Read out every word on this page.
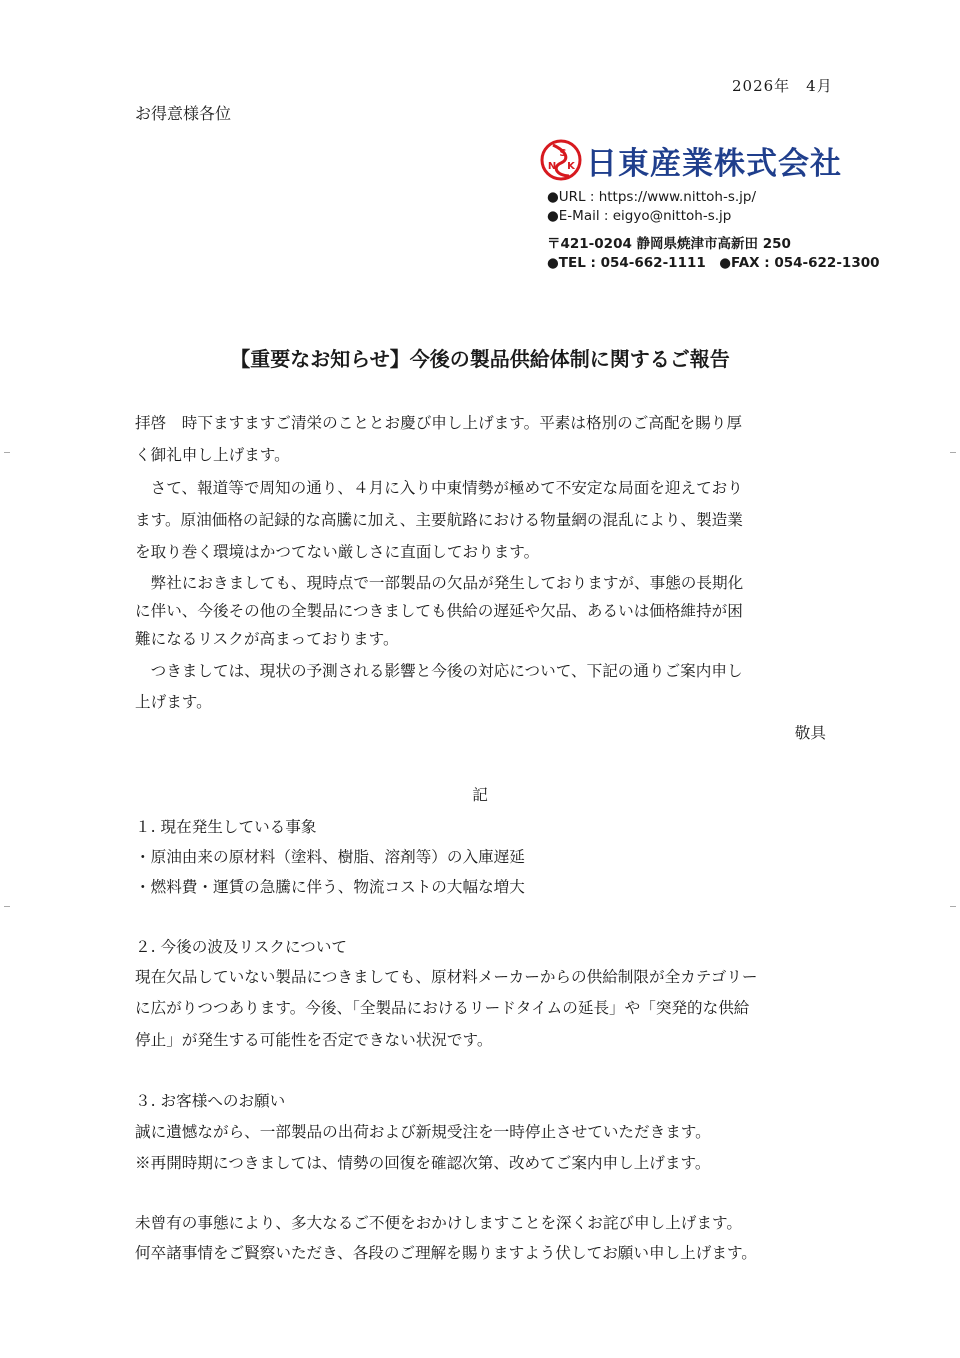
2026年　4月
お得意様各位
N
S
K 日東産業株式会社
●URL : https://www.nittoh-s.jp/
●E-Mail : eigyo@nittoh-s.jp
〒421-0204 静岡県焼津市高新田 250
●TEL : 054-662-1111　●FAX : 054-622-1300
【重要なお知らせ】今後の製品供給体制に関するご報告
拝啓　時下ますますご清栄のこととお慶び申し上げます。平素は格別のご高配を賜り厚
く御礼申し上げます。
　さて、報道等で周知の通り、４月に入り中東情勢が極めて不安定な局面を迎えており
ます。原油価格の記録的な高騰に加え、主要航路における物量網の混乱により、製造業
を取り巻く環境はかつてない厳しさに直面しております。
　弊社におきましても、現時点で一部製品の欠品が発生しておりますが、事態の長期化
に伴い、今後その他の全製品につきましても供給の遅延や欠品、あるいは価格維持が困
難になるリスクが高まっております。
　つきましては、現状の予測される影響と今後の対応について、下記の通りご案内申し
上げます。
敬具
記
１. 現在発生している事象
・原油由来の原材料（塗料、樹脂、溶剤等）の入庫遅延
・燃料費・運賃の急騰に伴う、物流コストの大幅な増大
２. 今後の波及リスクについて
現在欠品していない製品につきましても、原材料メーカーからの供給制限が全カテゴリー
に広がりつつあります。今後、「全製品におけるリードタイムの延長」や「突発的な供給
停止」が発生する可能性を否定できない状況です。
３. お客様へのお願い
誠に遺憾ながら、一部製品の出荷および新規受注を一時停止させていただきます。
※再開時期につきましては、情勢の回復を確認次第、改めてご案内申し上げます。
未曾有の事態により、多大なるご不便をおかけしますことを深くお詫び申し上げます。
何卒諸事情をご賢察いただき、各段のご理解を賜りますよう伏してお願い申し上げます。
